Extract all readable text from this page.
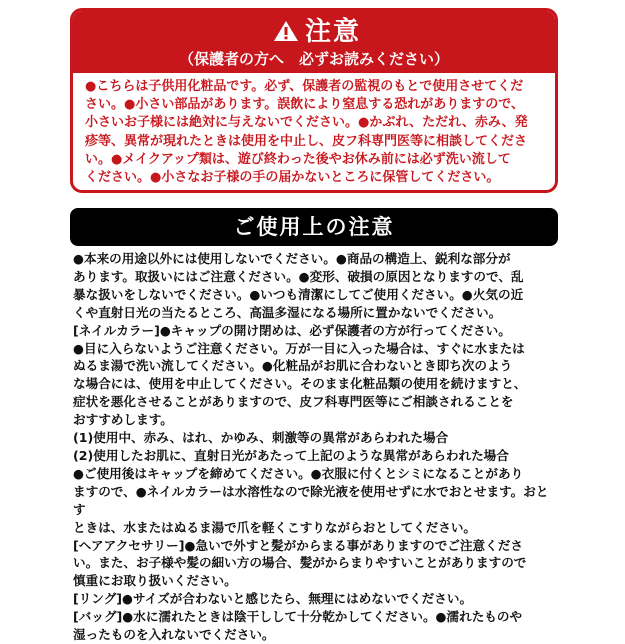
注意
（保護者の方へ　必ずお読みください）

●こちらは子供用化粧品です。必ず、保護者の監視のもとで使用させてくだ

さい。●小さい部品があります。誤飲により窒息する恐れがありますので、

小さいお子様には絶対に与えないでください。●かぶれ、ただれ、赤み、発

疹等、異常が現れたときは使用を中止し、皮フ科専門医等に相談してくださ

い。●メイクアップ類は、遊び終わった後やお休み前には必ず洗い流して

ください。●小さなお子様の手の届かないところに保管してください。

ご使用上の注意

●本来の用途以外には使用しないでください。●商品の構造上、鋭利な部分が

あります。取扱いにはご注意ください。●変形、破損の原因となりますので、乱

暴な扱いをしないでください。●いつも清潔にしてご使用ください。●火気の近

くや直射日光の当たるところ、高温多湿になる場所に置かないでください。

[ネイルカラー]●キャップの開け閉めは、必ず保護者の方が行ってください。

●目に入らないようご注意ください。万が一目に入った場合は、すぐに水または

ぬるま湯で洗い流してください。●化粧品がお肌に合わないとき即ち次のよう

な場合には、使用を中止してください。そのまま化粧品類の使用を続けますと、

症状を悪化させることがありますので、皮フ科専門医等にご相談されることを

おすすめします。

(1)使用中、赤み、はれ、かゆみ、刺激等の異常があらわれた場合

(2)使用したお肌に、直射日光があたって上記のような異常があらわれた場合

●ご使用後はキャップを締めてください。●衣服に付くとシミになることがあり

ますので、●ネイルカラーは水溶性なので除光液を使用せずに水でおとせます。おとす

ときは、水またはぬるま湯で爪を軽くこすりながらおとしてください。

[ヘアアクセサリー]●急いで外すと髪がからまる事がありますのでご注意くださ

い。また、お子様や髪の細い方の場合、髪がからまりやすいことがありますので

慎重にお取り扱いください。

[リング]●サイズが合わないと感じたら、無理にはめないでください。

[バッグ]●水に濡れたときは陰干しして十分乾かしてください。●濡れたものや

湿ったものを入れないでください。
